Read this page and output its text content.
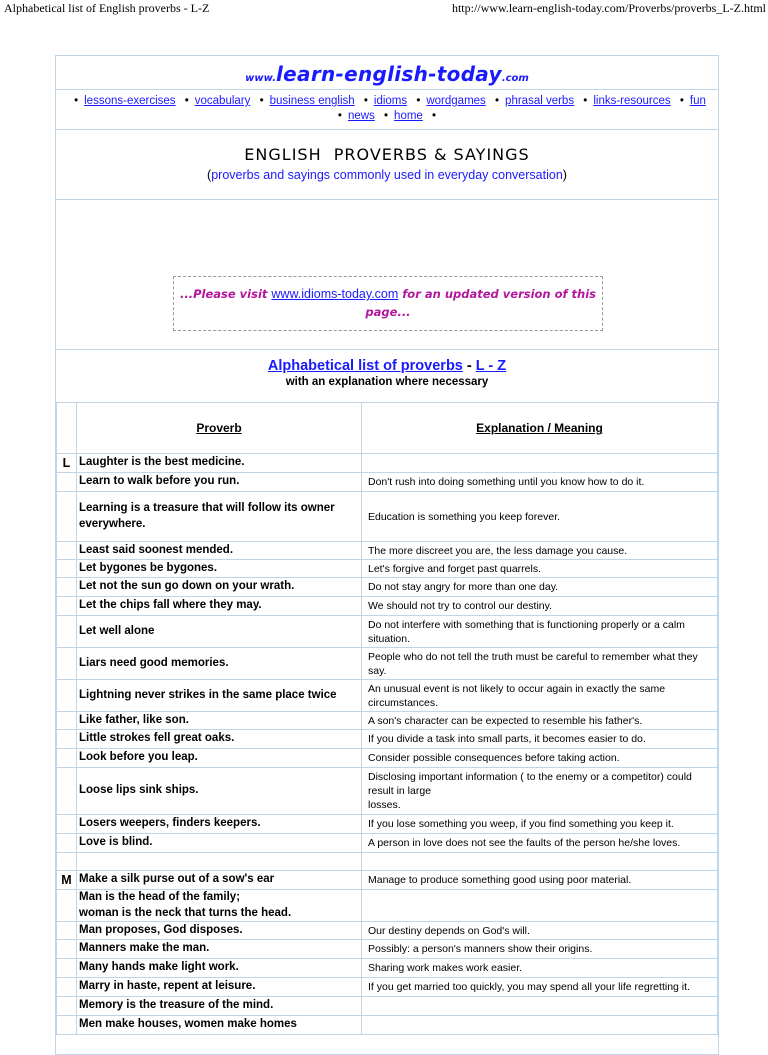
Alphabetical list of English proverbs - L-Z	http://www.learn-english-today.com/Proverbs/proverbs_L-Z.html
www.learn-english-today.com
• lessons-exercises • vocabulary • business english • idioms • wordgames • phrasal verbs • links-resources • fun
• news • home •
ENGLISH  PROVERBS & SAYINGS
(proverbs and sayings commonly used in everyday conversation)
...Please visit www.idioms-today.com for an updated version of this page...
Alphabetical list of proverbs - L - Z
with an explanation where necessary
	Proverb	Explanation / Meaning
L	Laughter is the best medicine.	
	Learn to walk before you run.	Don't rush into doing something until you know how to do it.
	Learning is a treasure that will follow its owner
everywhere.	Education is something you keep forever.
	Least said soonest mended.	The more discreet you are, the less damage you cause.
	Let bygones be bygones.	Let's forgive and forget past quarrels.
	Let not the sun go down on your wrath.	Do not stay angry for more than one day.
	Let the chips fall where they may.	We should not try to control our destiny.
	Let well alone	Do not interfere with something that is functioning properly or a calm situation.
	Liars need good memories.	People who do not tell the truth must be careful to remember what they say.
	Lightning never strikes in the same place twice	An unusual event is not likely to occur again in exactly the same circumstances.
	Like father, like son.	A son's character can be expected to resemble his father's.
	Little strokes fell great oaks.	If you divide a task into small parts, it becomes easier to do.
	Look before you leap.	Consider possible consequences before taking action.
	Loose lips sink ships.	Disclosing important information ( to the enemy or a competitor) could result in large
losses.
	Losers weepers, finders keepers.	If you lose something you weep, if you find something you keep it.
	Love is blind.	A person in love does not see the faults of the person he/she loves.

M	Make a silk purse out of a sow's ear	Manage to produce something good using poor material.
	Man is the head of the family;
woman is the neck that turns the head.	
	Man proposes, God disposes.	Our destiny depends on God's will.
	Manners make the man.	Possibly: a person's manners show their origins.
	Many hands make light work.	Sharing work makes work easier.
	Marry in haste, repent at leisure.	If you get married too quickly, you may spend all your life regretting it.
	Memory is the treasure of the mind.	
	Men make houses, women make homes	
